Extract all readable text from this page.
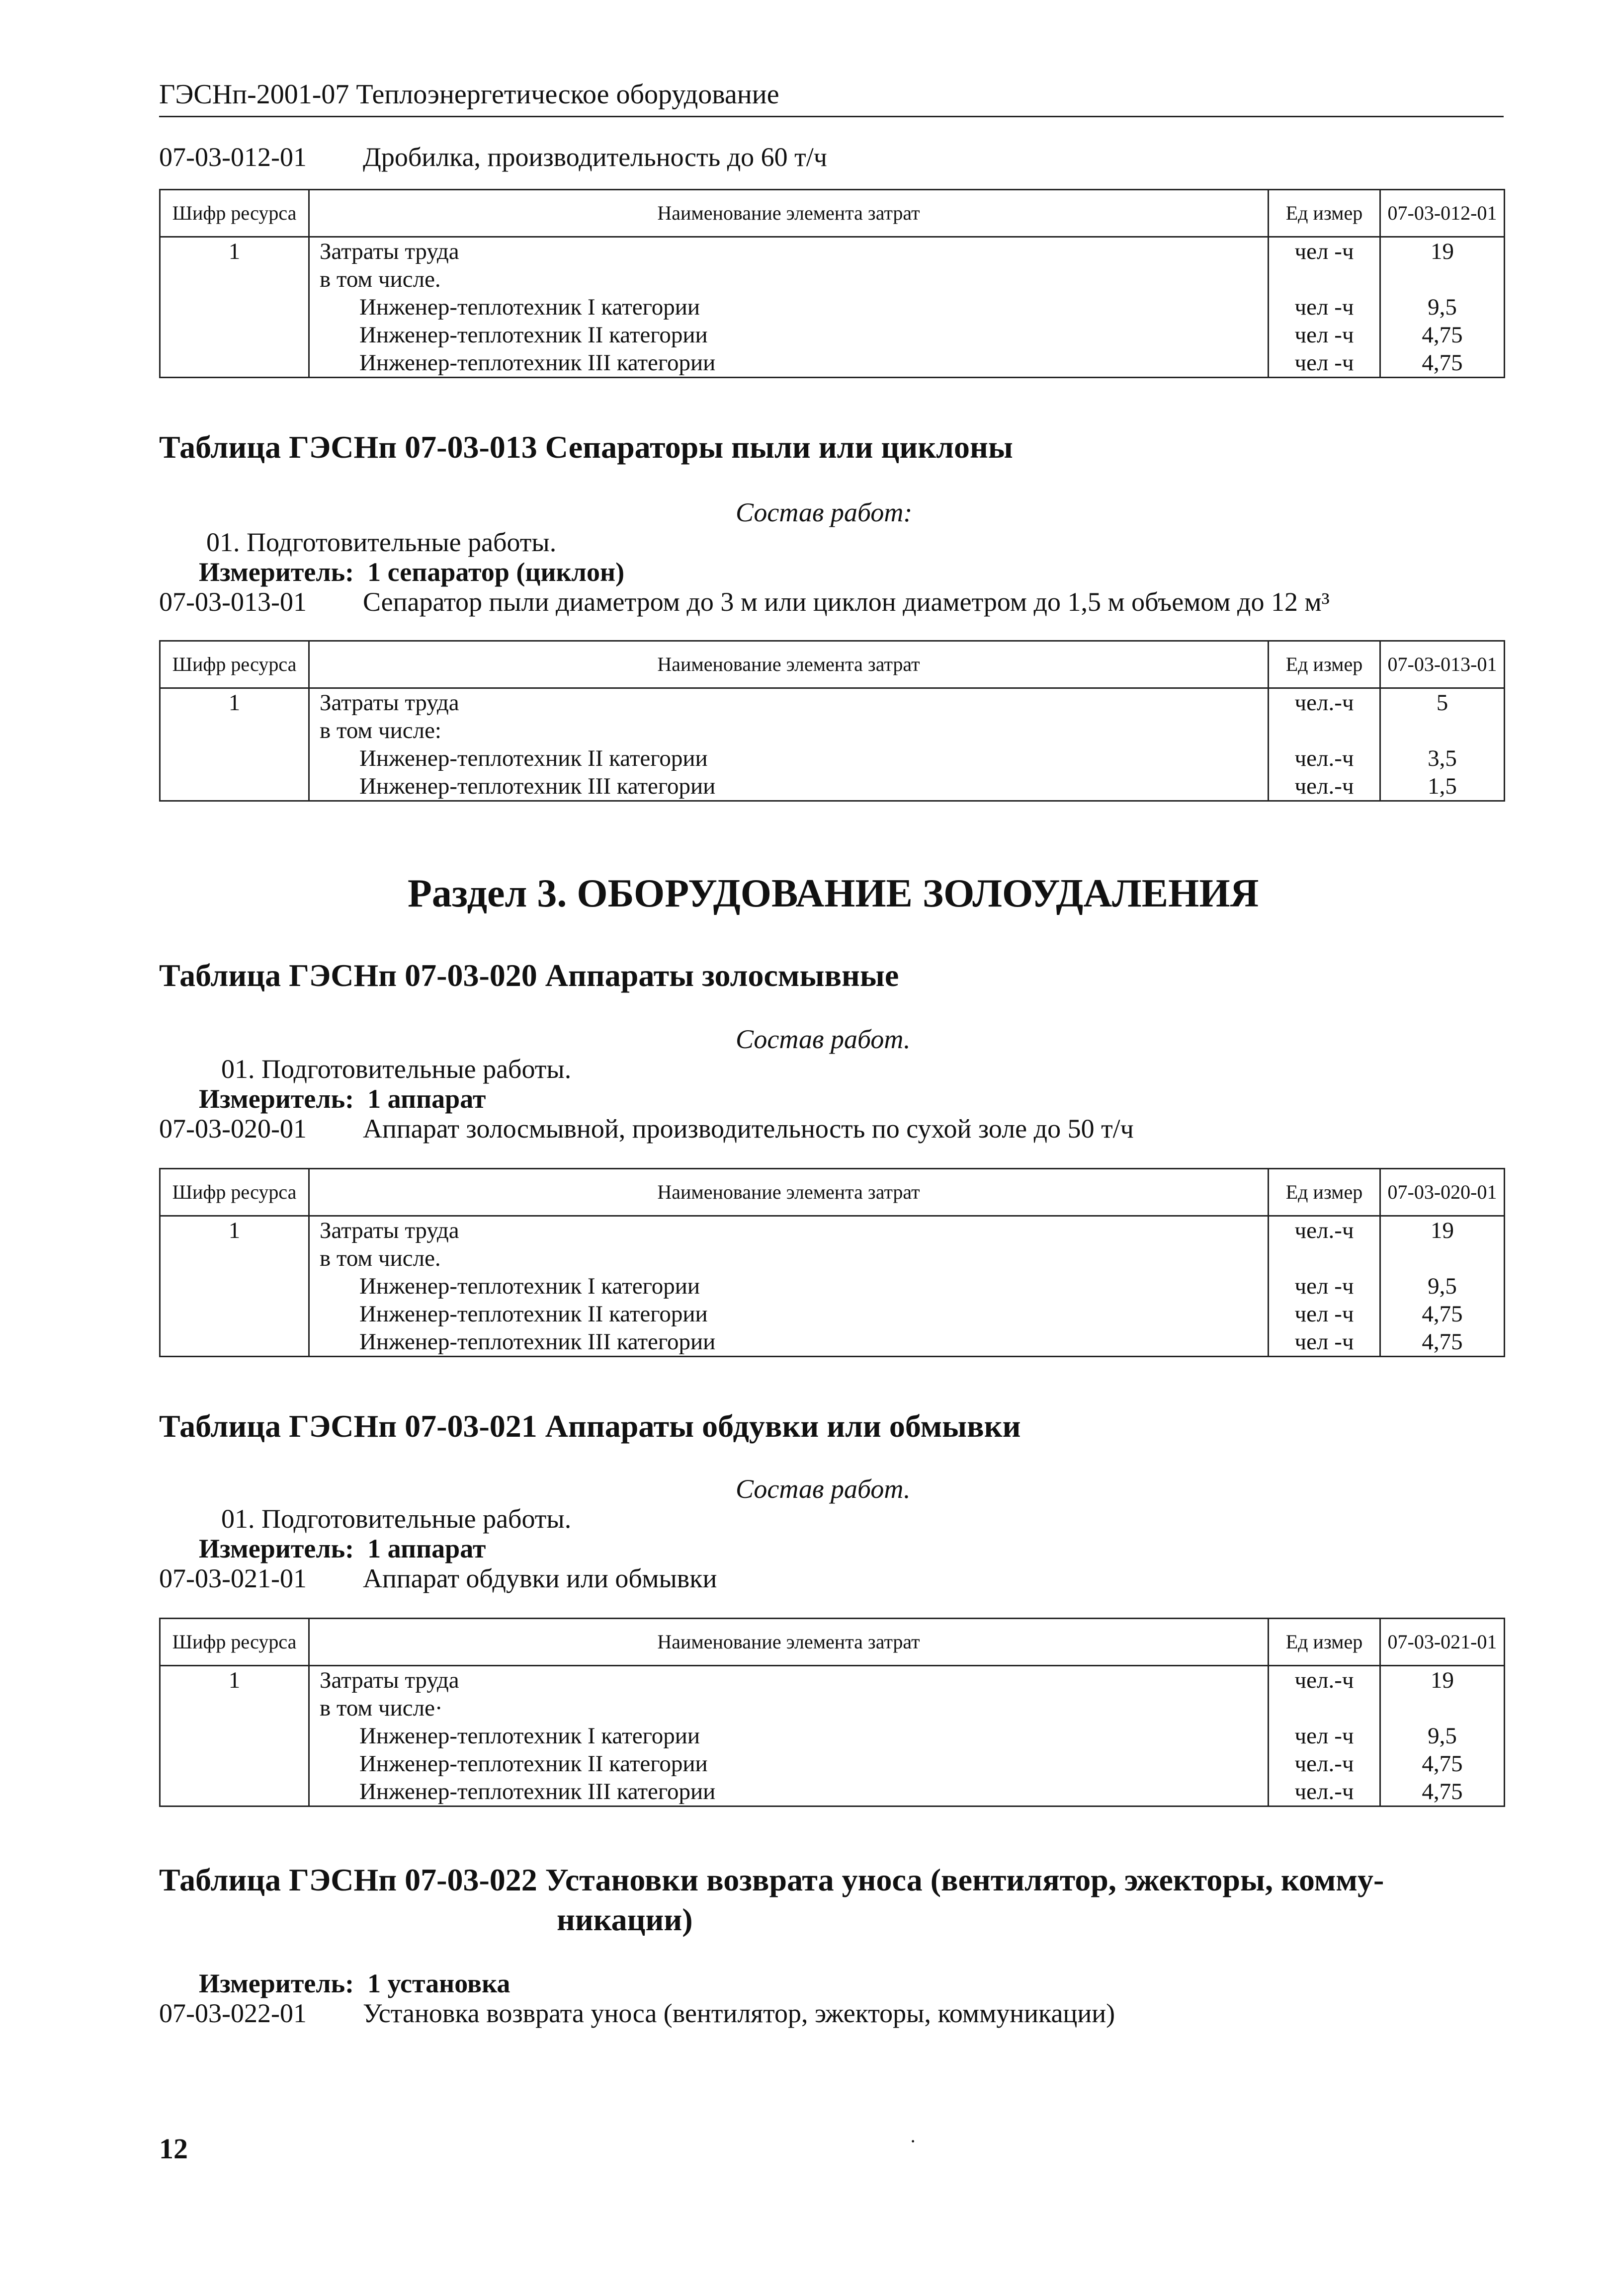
ГЭСНп-2001-07 Теплоэнергетическое оборудование
07-03-012-01 Дробилка, производительность до 60 т/ч
Шифр ресурса	Наименование элемента затрат	Ед измер	07-03-012-01
1	Затраты труда	чел -ч	19
	в том числе.		
	Инженер-теплотехник I категории	чел -ч	9,5
	Инженер-теплотехник II категории	чел -ч	4,75
	Инженер-теплотехник III категории	чел -ч	4,75
Таблица ГЭСНп 07-03-013 Сепараторы пыли или циклоны
Состав работ:
01. Подготовительные работы.
Измеритель: 1 сепаратор (циклон)
07-03-013-01 Сепаратор пыли диаметром до 3 м или циклон диаметром до 1,5 м объемом до 12 м³
Шифр ресурса	Наименование элемента затрат	Ед измер	07-03-013-01
1	Затраты труда	чел.-ч	5
	в том числе:		
	Инженер-теплотехник II категории	чел.-ч	3,5
	Инженер-теплотехник III категории	чел.-ч	1,5
Раздел 3. ОБОРУДОВАНИЕ ЗОЛОУДАЛЕНИЯ
Таблица ГЭСНп 07-03-020 Аппараты золосмывные
Состав работ.
01. Подготовительные работы.
Измеритель: 1 аппарат
07-03-020-01 Аппарат золосмывной, производительность по сухой золе до 50 т/ч
Шифр ресурса	Наименование элемента затрат	Ед измер	07-03-020-01
1	Затраты труда	чел.-ч	19
	в том числе.		
	Инженер-теплотехник I категории	чел -ч	9,5
	Инженер-теплотехник II категории	чел -ч	4,75
	Инженер-теплотехник III категории	чел -ч	4,75
Таблица ГЭСНп 07-03-021 Аппараты обдувки или обмывки
Состав работ.
01. Подготовительные работы.
Измеритель: 1 аппарат
07-03-021-01 Аппарат обдувки или обмывки
Шифр ресурса	Наименование элемента затрат	Ед измер	07-03-021-01
1	Затраты труда	чел.-ч	19
	в том числе·		
	Инженер-теплотехник I категории	чел -ч	9,5
	Инженер-теплотехник II категории	чел.-ч	4,75
	Инженер-теплотехник III категории	чел.-ч	4,75
Таблица ГЭСНп 07-03-022 Установки возврата уноса (вентилятор, эжекторы, комму-
никации)
Измеритель: 1 установка
07-03-022-01 Установка возврата уноса (вентилятор, эжекторы, коммуникации)
12	·
